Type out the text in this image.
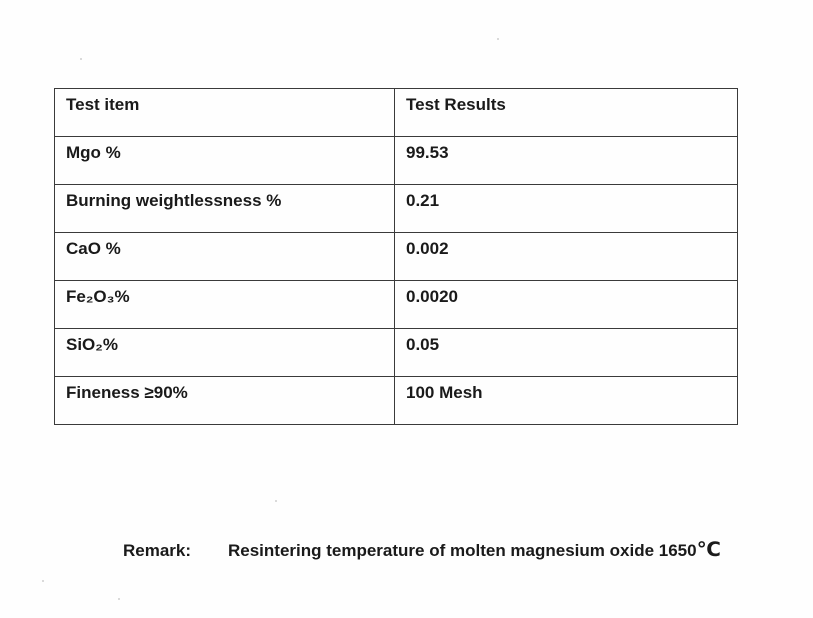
Test item	Test Results

Mgo %	99.53

Burning weightlessness %	0.21

CaO %	0.002

Fe₂O₃%	0.0020

SiO₂%	0.05

Fineness ≥90%	100 Mesh
Remark: Resintering temperature of molten magnesium oxide 1650℃
